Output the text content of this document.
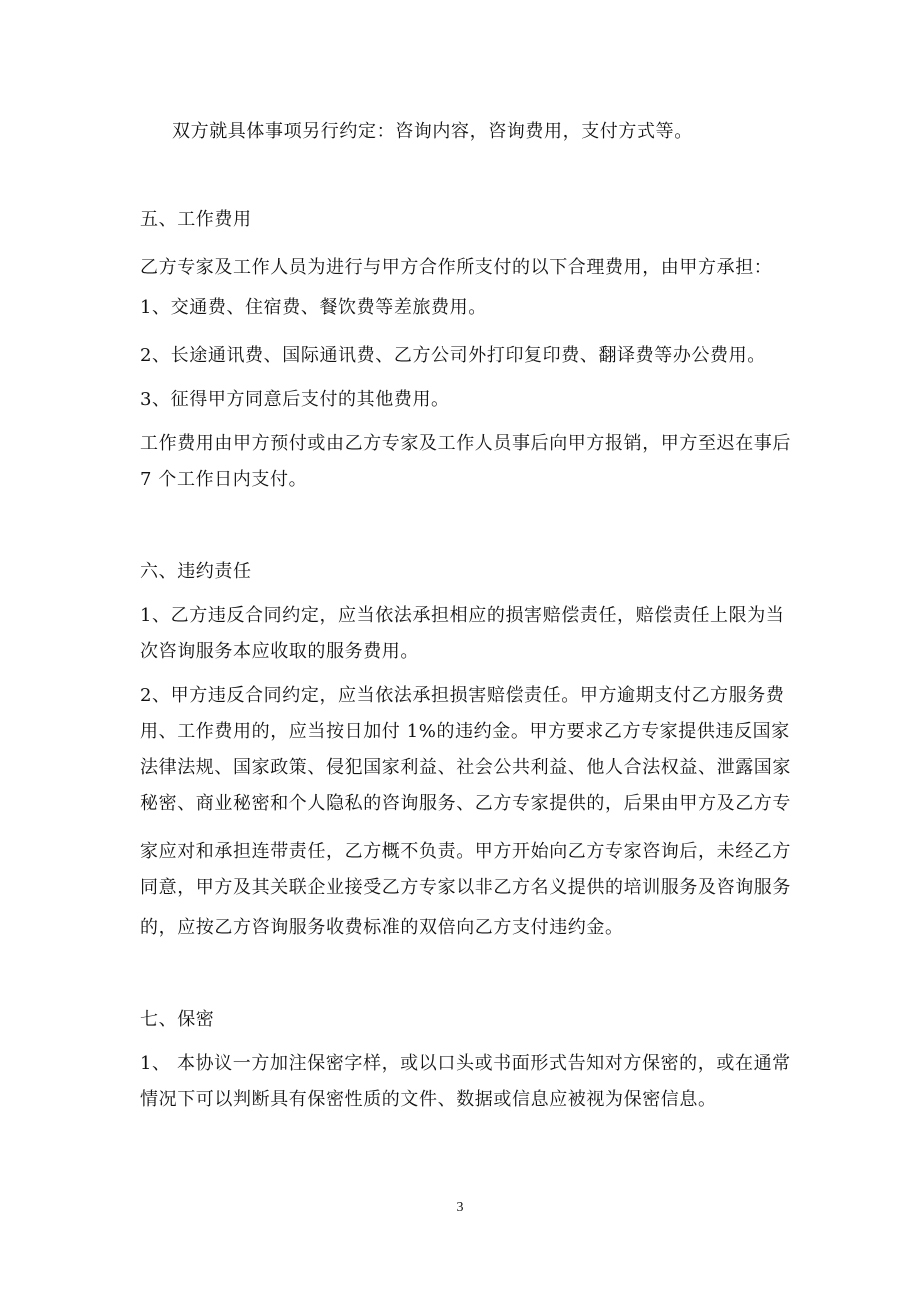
双方就具体事项另行约定：咨询内容，咨询费用，支付方式等。
五、工作费用
乙方专家及工作人员为进行与甲方合作所支付的以下合理费用，由甲方承担：
1、交通费、住宿费、餐饮费等差旅费用。
2、长途通讯费、国际通讯费、乙方公司外打印复印费、翻译费等办公费用。
3、征得甲方同意后支付的其他费用。
工作费用由甲方预付或由乙方专家及工作人员事后向甲方报销，甲方至迟在事后
7 个工作日内支付。
六、违约责任
1、乙方违反合同约定，应当依法承担相应的损害赔偿责任，赔偿责任上限为当
次咨询服务本应收取的服务费用。
2、甲方违反合同约定，应当依法承担损害赔偿责任。甲方逾期支付乙方服务费
用、工作费用的，应当按日加付 1%的违约金。甲方要求乙方专家提供违反国家
法律法规、国家政策、侵犯国家利益、社会公共利益、他人合法权益、泄露国家
秘密、商业秘密和个人隐私的咨询服务、乙方专家提供的，后果由甲方及乙方专
家应对和承担连带责任，乙方概不负责。甲方开始向乙方专家咨询后，未经乙方
同意，甲方及其关联企业接受乙方专家以非乙方名义提供的培训服务及咨询服务
的，应按乙方咨询服务收费标准的双倍向乙方支付违约金。
七、保密
1、 本协议一方加注保密字样，或以口头或书面形式告知对方保密的，或在通常
情况下可以判断具有保密性质的文件、数据或信息应被视为保密信息。
3
